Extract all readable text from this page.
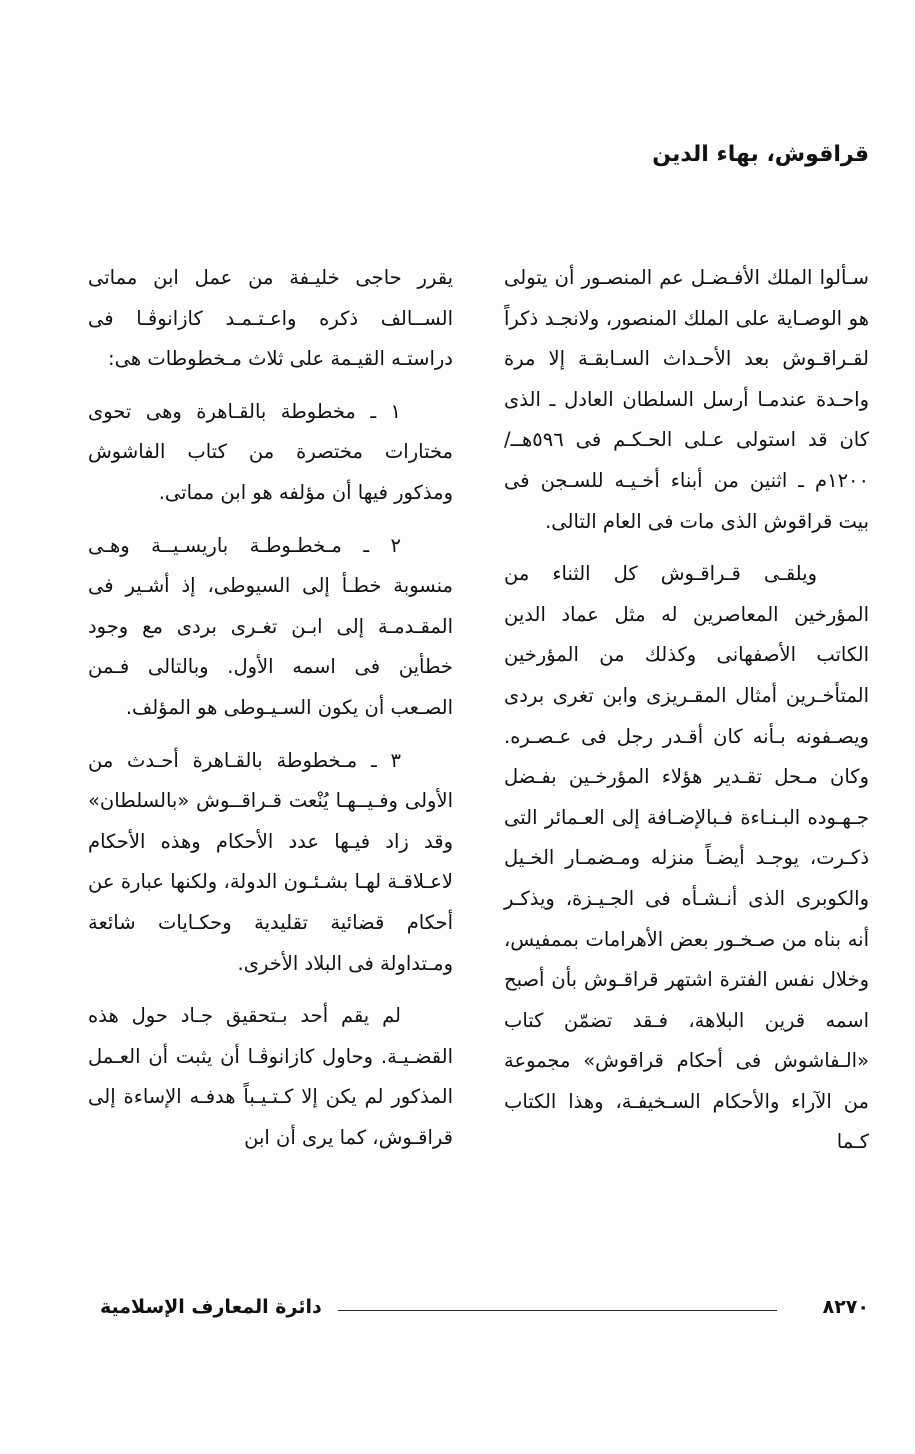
قراقوش، بهاء الدين

سـألوا الملك الأفـضـل عم المنصـور أن يتولى هو الوصـاية على الملك المنصور، ولانجـد ذكراً لقـراقـوش بعد الأحـداث السـابقـة إلا مرة واحـدة عندمـا أرسل السلطان العادل ـ الذى كان قد استولى عـلى الحـكـم فى ٥٩٦هــ/١٢٠٠م ـ اثنين من أبناء أخـيـه للسـجن فى بيت قراقوش الذى مات فى العام التالى.

ويلقـى قـراقـوش كل الثناء من المؤرخين المعاصرين له مثل عماد الدين الكاتب الأصفهانى وكذلك من المؤرخين المتأخـرين أمثال المقـريزى وابن تغرى بردى ويصـفونه بـأنه كان أقـدر رجل فى عـصـره. وكان مـحل تقـدير هؤلاء المؤرخـين بفـضل جـهـوده البـنـاءة فـبالإضـافة إلى العـمائر التى ذكـرت، يوجـد أيضـاً منزله ومـضمـار الخـيل والكوبرى الذى أنـشـأه فى الجـيـزة، ويذكـر أنه بناه من صـخـور بعض الأهرامات بممفيس، وخلال نفس الفترة اشتهر قراقـوش بأن أصبح اسمه قرين البلاهة، فـقد تضمّن كتاب «الـفاشوش فى أحكام قراقوش» مجموعة من الآراء والأحكام السـخيفـة، وهذا الكتاب كـما

يقرر حاجى خليـفة من عمل ابن مماتى الســالف ذكره واعـتـمـد كازانوڤـا فى دراستـه القيـمة على ثلاث مـخطوطات هى:

١ ـ مخطوطة بالقـاهرة وهى تحوى مختارات مختصرة من كتاب الفاشوش ومذكور فيها أن مؤلفه هو ابن مماتى.

٢ ـ مـخطـوطـة باريسـيــة وهـى منسوبة خطـأ إلى السيوطى، إذ أشـير فى المقـدمـة إلى ابـن تغـرى بردى مع وجود خطأين فى اسمه الأول. وبالتالى فـمن الصـعب أن يكون السـيـوطى هو المؤلف.

٣ ـ مـخطوطة بالقـاهرة أحـدث من الأولى وفـيــهـا يُنْعت قـراقــوش «بالسلطان» وقد زاد فيـها عدد الأحكام وهذه الأحكام لاعـلاقـة لهـا بشـئـون الدولة، ولكنها عبارة عن أحكام قضائية تقليدية وحكـايات شائعة ومـتداولة فى البلاد الأخرى.

لم يقم أحد بـتحقيق جـاد حول هذه القضـيـة. وحاول كازانوڤـا أن يثبت أن العـمل المذكور لم يكن إلا كـتـيـباً هدفـه الإساءة إلى قراقـوش، كما يرى أن ابن

٨٢٧٠
دائرة المعارف الإسلامية
